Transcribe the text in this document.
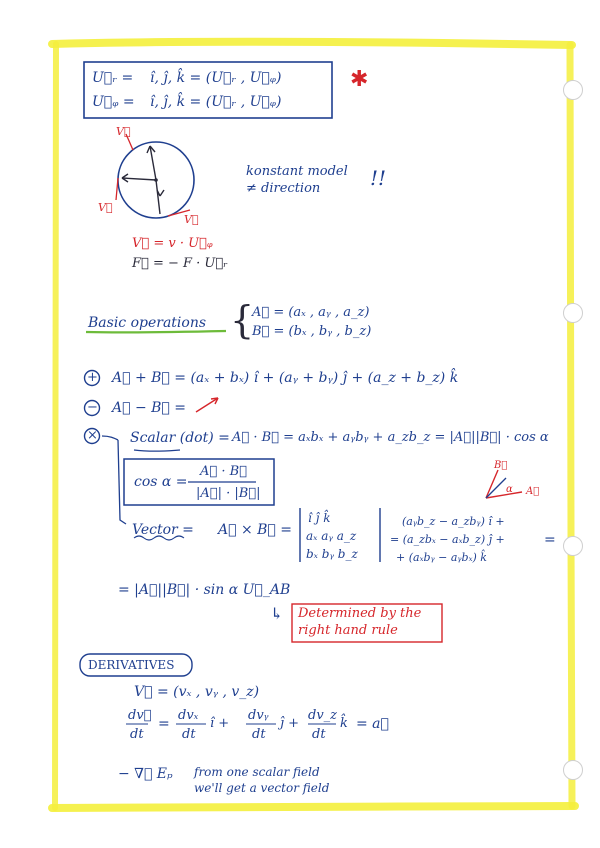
U⃗ᵣ = î, ĵ, k̂ = (U⃗ᵣ , U⃗ᵩ)
U⃗ᵩ = î, ĵ, k̂ = (U⃗ᵣ , U⃗ᵩ)
✱
V⃗
V⃗
V⃗
konstant model
≠ direction !!
V⃗ = v · U⃗ᵩ
F⃗ = − F · U⃗ᵣ
Basic operations {
A⃗ = (aₓ , aᵧ , a_z)
B⃗ = (bₓ , bᵧ , b_z)
+ A⃗ + B⃗ = (aₓ + bₓ) î + (aᵧ + bᵧ) ĵ + (a_z + b_z) k̂
− A⃗ − B⃗ =
× Scalar (dot) = A⃗ · B⃗ = aₓbₓ + aᵧbᵧ + a_zb_z = |A⃗||B⃗| · cos α
cos α =
A⃗ · B⃗
|A⃗| · |B⃗|
B⃗
A⃗
α
Vector = A⃗ × B⃗ =
î ĵ k̂
aₓ aᵧ a_z
bₓ bᵧ b_z
(aᵧb_z − a_zbᵧ) î +
= (a_zbₓ − aₓb_z) ĵ +
+ (aₓbᵧ − aᵧbₓ) k̂
=
= |A⃗||B⃗| · sin α U⃗_AB
↳ Determined by the
right hand rule
DERIVATIVES
V⃗ = (vₓ , vᵧ , v_z)
dv⃗
dt
=
dvₓ
dt
î +
dvᵧ
dt
ĵ +
dv_z
dt
k̂ = a⃗
− ∇⃗ Eₚ from one scalar field
we'll get a vector field
